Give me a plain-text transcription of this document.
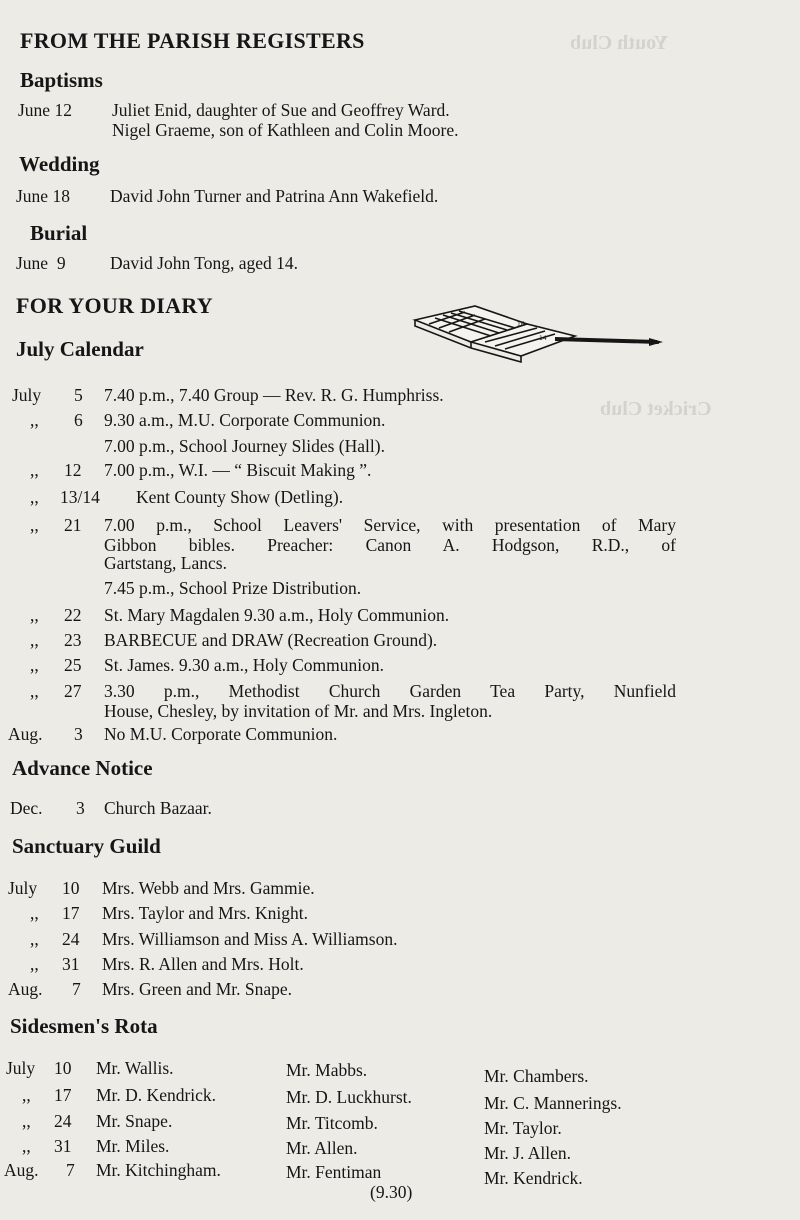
Youth Club
Cricket Club
FROM THE PARISH REGISTERS
Baptisms
June 12 Juliet Enid, daughter of Sue and Geoffrey Ward.
Nigel Graeme, son of Kathleen and Colin Moore.
Wedding
June 18 David John Turner and Patrina Ann Wakefield.
Burial
June  9	David John Tong, aged 14.
FOR YOUR DIARY
16
14
July Calendar
July 5 7.40 p.m., 7.40 Group — Rev. R. G. Humphriss.
,, 6 9.30 a.m., M.U. Corporate Communion.
7.00 p.m., School Journey Slides (Hall).
,, 12 7.00 p.m., W.I. — “ Biscuit Making ”.
,, 13/14 Kent County Show (Detling).
,, 21 7.00 p.m., School Leavers' Service, with presentation of Mary
Gibbon bibles. Preacher: Canon A. Hodgson, R.D., of
Gartstang, Lancs.
7.45 p.m., School Prize Distribution.
,, 22 St. Mary Magdalen 9.30 a.m., Holy Communion.
,, 23 BARBECUE and DRAW (Recreation Ground).
,, 25 St. James. 9.30 a.m., Holy Communion.
,, 27 3.30 p.m., Methodist Church Garden Tea Party, Nunfield
House, Chesley, by invitation of Mr. and Mrs. Ingleton.
Aug. 3 No M.U. Corporate Communion.
Advance Notice
Dec. 3 Church Bazaar.
Sanctuary Guild
July 10 Mrs. Webb and Mrs. Gammie.
,, 17 Mrs. Taylor and Mrs. Knight.
,, 24 Mrs. Williamson and Miss A. Williamson.
,, 31 Mrs. R. Allen and Mrs. Holt.
Aug. 7 Mrs. Green and Mr. Snape.
Sidesmen's Rota
July 10 Mr. Wallis.	Mr. Mabbs.	Mr. Chambers.
,, 17 Mr. D. Kendrick.	Mr. D. Luckhurst.	Mr. C. Mannerings.
,, 24 Mr. Snape.	Mr. Titcomb.	Mr. Taylor.
,, 31 Mr. Miles.	Mr. Allen.	Mr. J. Allen.
Aug. 7 Mr. Kitchingham.	Mr. Fentiman	Mr. Kendrick.
(9.30)
